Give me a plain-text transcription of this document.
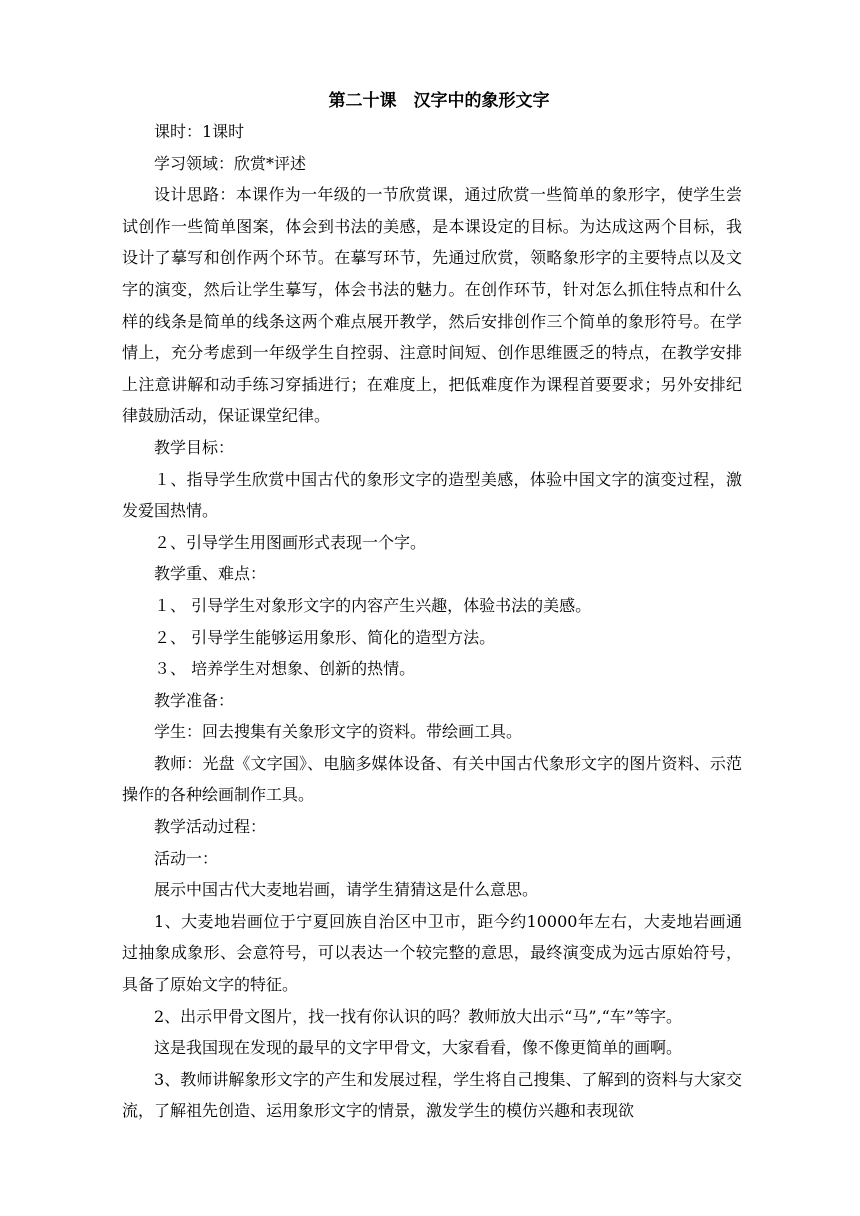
第二十课　汉字中的象形文字

课时：1课时

学习领域：欣赏*评述

设计思路：本课作为一年级的一节欣赏课，通过欣赏一些简单的象形字，使学生尝试创作一些简单图案，体会到书法的美感，是本课设定的目标。为达成这两个目标，我设计了摹写和创作两个环节。在摹写环节，先通过欣赏，领略象形字的主要特点以及文字的演变，然后让学生摹写，体会书法的魅力。在创作环节，针对怎么抓住特点和什么样的线条是简单的线条这两个难点展开教学，然后安排创作三个简单的象形符号。在学情上，充分考虑到一年级学生自控弱、注意时间短、创作思维匮乏的特点，在教学安排上注意讲解和动手练习穿插进行；在难度上，把低难度作为课程首要要求；另外安排纪律鼓励活动，保证课堂纪律。

教学目标：

１、指导学生欣赏中国古代的象形文字的造型美感，体验中国文字的演变过程，激发爱国热情。

２、引导学生用图画形式表现一个字。

教学重、难点：

１、 引导学生对象形文字的内容产生兴趣，体验书法的美感。

２、 引导学生能够运用象形、简化的造型方法。

３、 培养学生对想象、创新的热情。

教学准备：

学生：回去搜集有关象形文字的资料。带绘画工具。

教师：光盘《文字国》、电脑多媒体设备、有关中国古代象形文字的图片资料、示范操作的各种绘画制作工具。

教学活动过程：

活动一：

展示中国古代大麦地岩画，请学生猜猜这是什么意思。

1、大麦地岩画位于宁夏回族自治区中卫市，距今约10000年左右，大麦地岩画通过抽象成象形、会意符号，可以表达一个较完整的意思，最终演变成为远古原始符号，具备了原始文字的特征。

2、出示甲骨文图片，找一找有你认识的吗？教师放大出示“马”,“车”等字。

这是我国现在发现的最早的文字甲骨文，大家看看，像不像更简单的画啊。

3、教师讲解象形文字的产生和发展过程，学生将自己搜集、了解到的资料与大家交流，了解祖先创造、运用象形文字的情景，激发学生的模仿兴趣和表现欲
